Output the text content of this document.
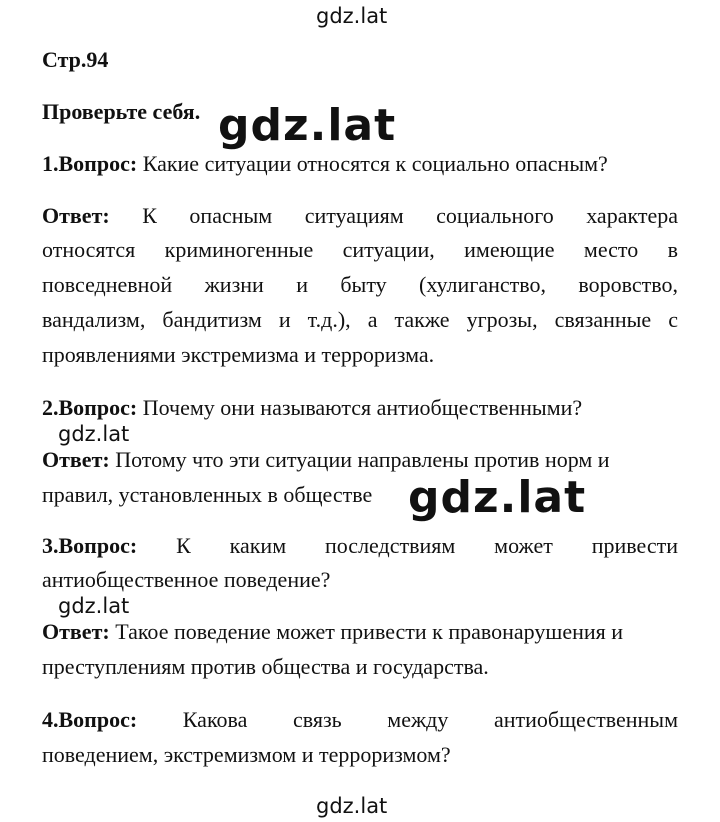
gdz.lat
Стр.94
Проверьте себя. gdz.lat
1.Вопрос: Какие ситуации относятся к социально опасным?
Ответ: К опасным ситуациям социального характера
относятся криминогенные ситуации, имеющие место в
повседневной жизни и быту (хулиганство, воровство,
вандализм, бандитизм и т.д.), а также угрозы, связанные с
проявлениями экстремизма и терроризма.
2.Вопрос: Почему они называются антиобщественными?
gdz.lat
Ответ: Потому что эти ситуации направлены против норм и
правил, установленных в обществе gdz.lat
3.Вопрос: К каким последствиям может привести
антиобщественное поведение?
gdz.lat
Ответ: Такое поведение может привести к правонарушения и
преступлениям против общества и государства.
4.Вопрос: Какова связь между антиобщественным
поведением, экстремизмом и терроризмом?
gdz.lat
